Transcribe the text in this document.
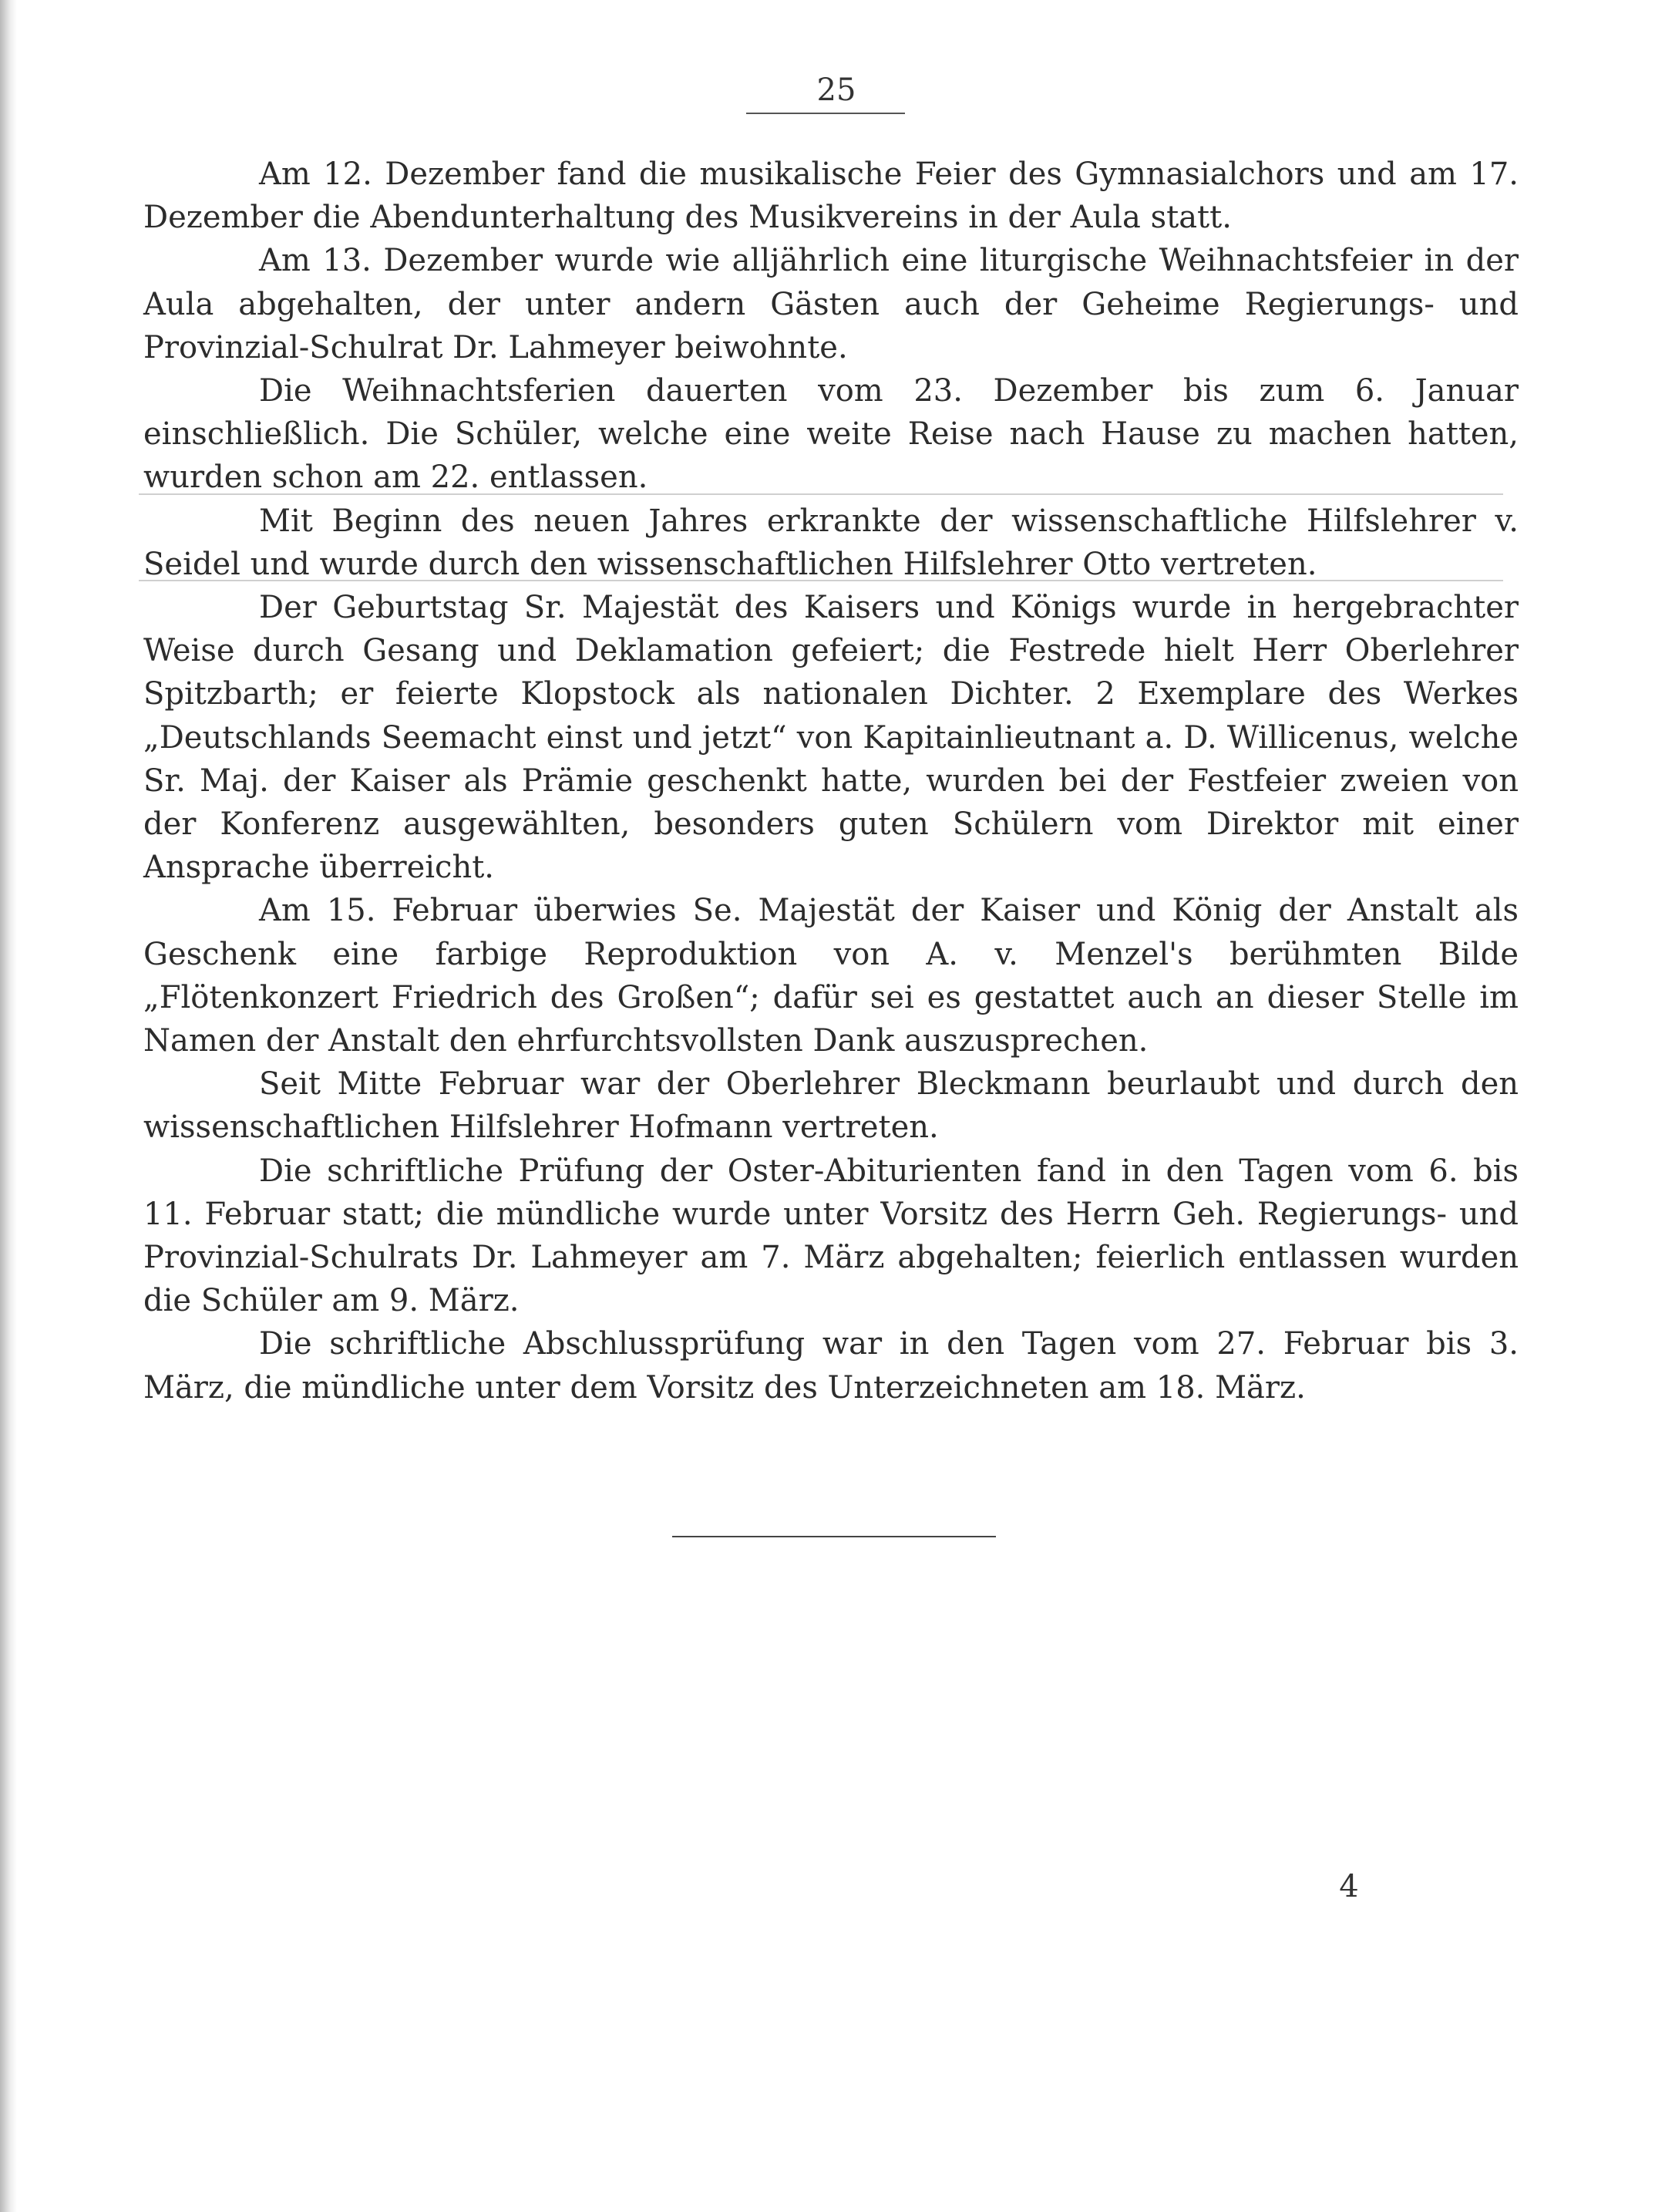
25

Am 12. Dezember fand die musikalische Feier des Gymnasialchors und am 17. Dezember die Abendunterhaltung des Musikvereins in der Aula statt.

Am 13. Dezember wurde wie alljährlich eine liturgische Weihnachtsfeier in der Aula abgehalten, der unter andern Gästen auch der Geheime Regierungs- und Provinzial-Schulrat Dr. Lahmeyer beiwohnte.

Die Weihnachtsferien dauerten vom 23. Dezember bis zum 6. Januar einschließlich. Die Schüler, welche eine weite Reise nach Hause zu machen hatten, wurden schon am 22. entlassen.

Mit Beginn des neuen Jahres erkrankte der wissenschaftliche Hilfslehrer v. Seidel und wurde durch den wissenschaftlichen Hilfslehrer Otto vertreten.

Der Geburtstag Sr. Majestät des Kaisers und Königs wurde in hergebrachter Weise durch Gesang und Deklamation gefeiert; die Festrede hielt Herr Oberlehrer Spitzbarth; er feierte Klopstock als nationalen Dichter. 2 Exemplare des Werkes „Deutschlands Seemacht einst und jetzt“ von Kapitainlieutnant a. D. Willicenus, welche Sr. Maj. der Kaiser als Prämie geschenkt hatte, wurden bei der Festfeier zweien von der Konferenz ausgewählten, besonders guten Schülern vom Direktor mit einer Ansprache überreicht.

Am 15. Februar überwies Se. Majestät der Kaiser und König der Anstalt als Geschenk eine farbige Reproduktion von A. v. Menzel's berühmten Bilde „Flötenkonzert Friedrich des Großen“; dafür sei es gestattet auch an dieser Stelle im Namen der Anstalt den ehrfurchtsvollsten Dank auszusprechen.

Seit Mitte Februar war der Oberlehrer Bleckmann beurlaubt und durch den wissenschaftlichen Hilfslehrer Hofmann vertreten.

Die schriftliche Prüfung der Oster-Abiturienten fand in den Tagen vom 6. bis 11. Februar statt; die mündliche wurde unter Vorsitz des Herrn Geh. Regierungs- und Provinzial-Schulrats Dr. Lahmeyer am 7. März abgehalten; feierlich entlassen wurden die Schüler am 9. März.

Die schriftliche Abschlussprüfung war in den Tagen vom 27. Februar bis 3. März, die mündliche unter dem Vorsitz des Unterzeichneten am 18. März.

4
